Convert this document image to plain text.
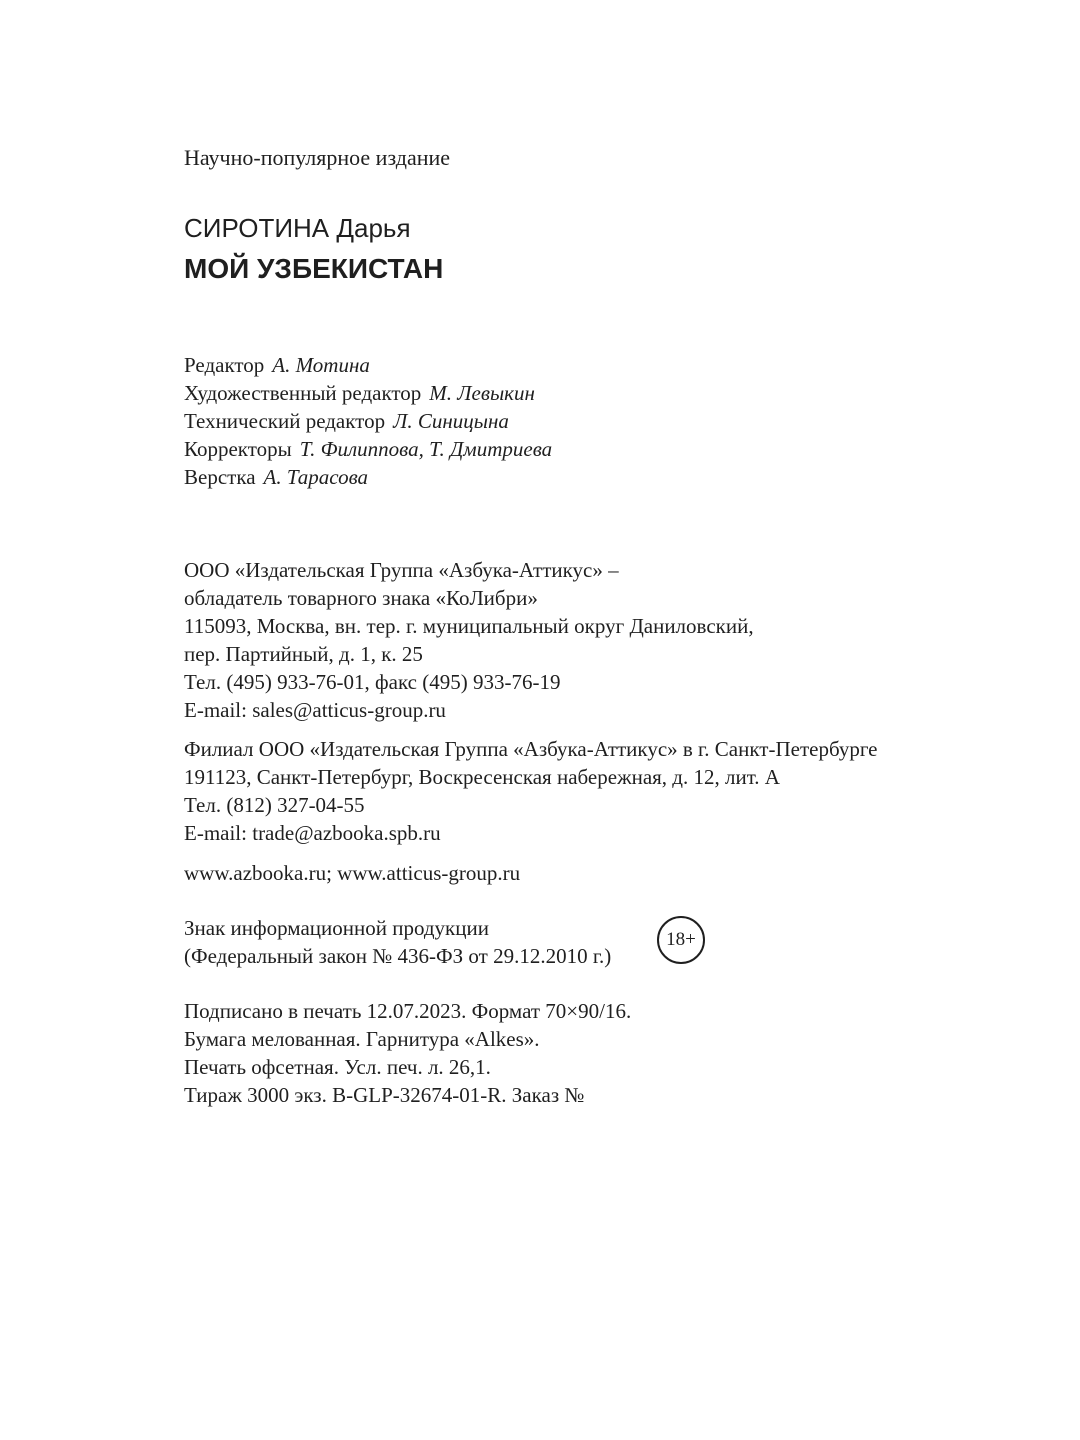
Научно-популярное издание
СИРОТИНА Дарья
МОЙ УЗБЕКИСТАН
Редактор А. Мотина
Художественный редактор М. Левыкин
Технический редактор Л. Синицына
Корректоры Т. Филиппова, Т. Дмитриева
Верстка А. Тарасова
ООО «Издательская Группа «Азбука-Аттикус» –
обладатель товарного знака «КоЛибри»
115093, Москва, вн. тер. г. муниципальный округ Даниловский,
пер. Партийный, д. 1, к. 25
Тел. (495) 933-76-01, факс (495) 933-76-19
E-mail: sales@atticus-group.ru
Филиал ООО «Издательская Группа «Азбука-Аттикус» в г. Санкт-Петербурге
191123, Санкт-Петербург, Воскресенская набережная, д. 12, лит. А
Тел. (812) 327-04-55
E-mail: trade@azbooka.spb.ru
www.azbooka.ru; www.atticus-group.ru
Знак информационной продукции
(Федеральный закон № 436-ФЗ от 29.12.2010 г.)
18+
Подписано в печать 12.07.2023. Формат 70×90/16.
Бумага мелованная. Гарнитура «Alkes».
Печать офсетная. Усл. печ. л. 26,1.
Тираж 3000 экз. В-GLP-32674-01-R. Заказ №
